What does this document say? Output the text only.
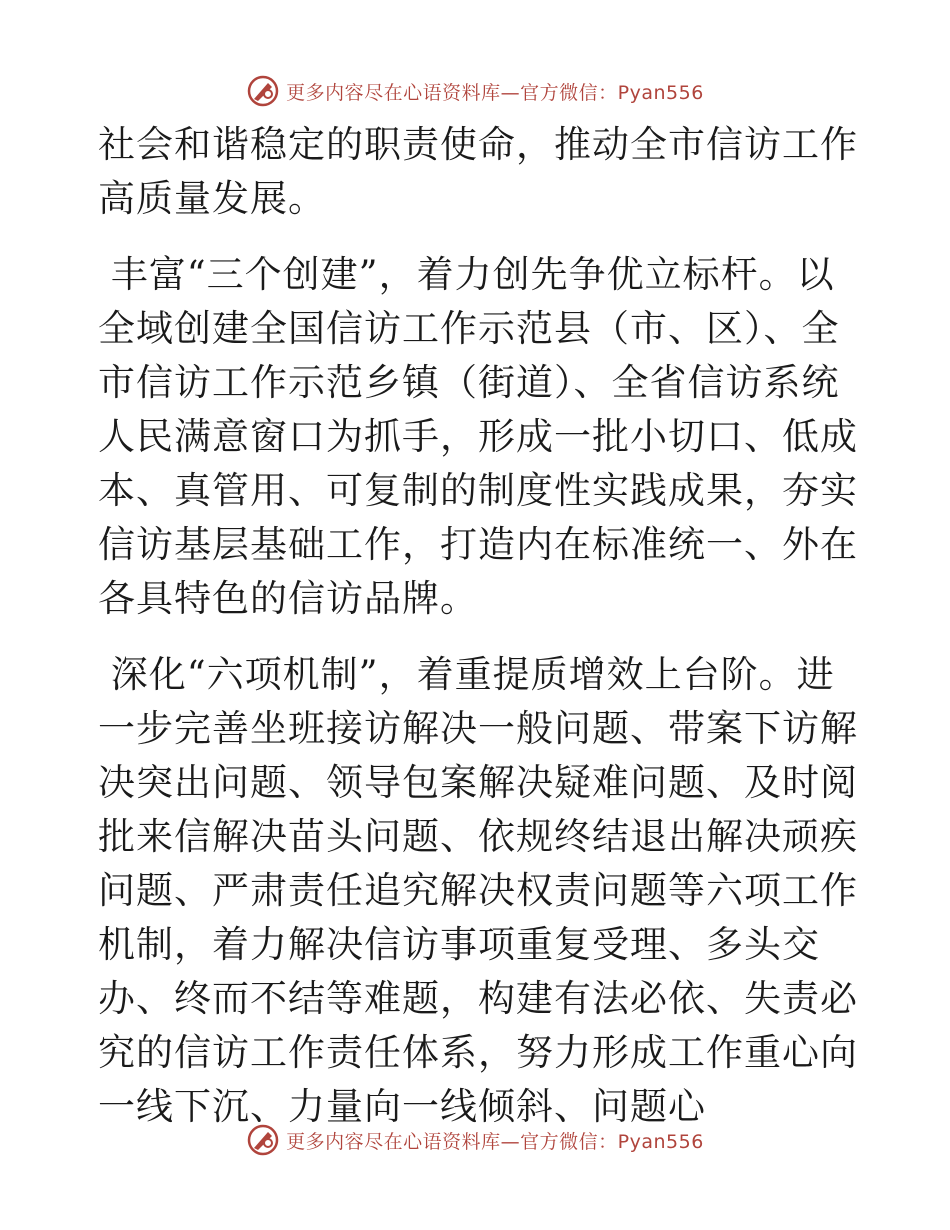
更多内容尽在心语资料库—官方微信：Pyan556

社会和谐稳定的职责使命，推动全市信访工作高质量发展。

丰富“三个创建”，着力创先争优立标杆。以全域创建全国信访工作示范县（市、区）、全市信访工作示范乡镇（街道）、全省信访系统人民满意窗口为抓手，形成一批小切口、低成本、真管用、可复制的制度性实践成果，夯实信访基层基础工作，打造内在标准统一、外在各具特色的信访品牌。

深化“六项机制”，着重提质增效上台阶。进一步完善坐班接访解决一般问题、带案下访解决突出问题、领导包案解决疑难问题、及时阅批来信解决苗头问题、依规终结退出解决顽疾问题、严肃责任追究解决权责问题等六项工作机制，着力解决信访事项重复受理、多头交办、终而不结等难题，构建有法必依、失责必究的信访工作责任体系，努力形成工作重心向一线下沉、力量向一线倾斜、问题心

更多内容尽在心语资料库—官方微信：Pyan556
